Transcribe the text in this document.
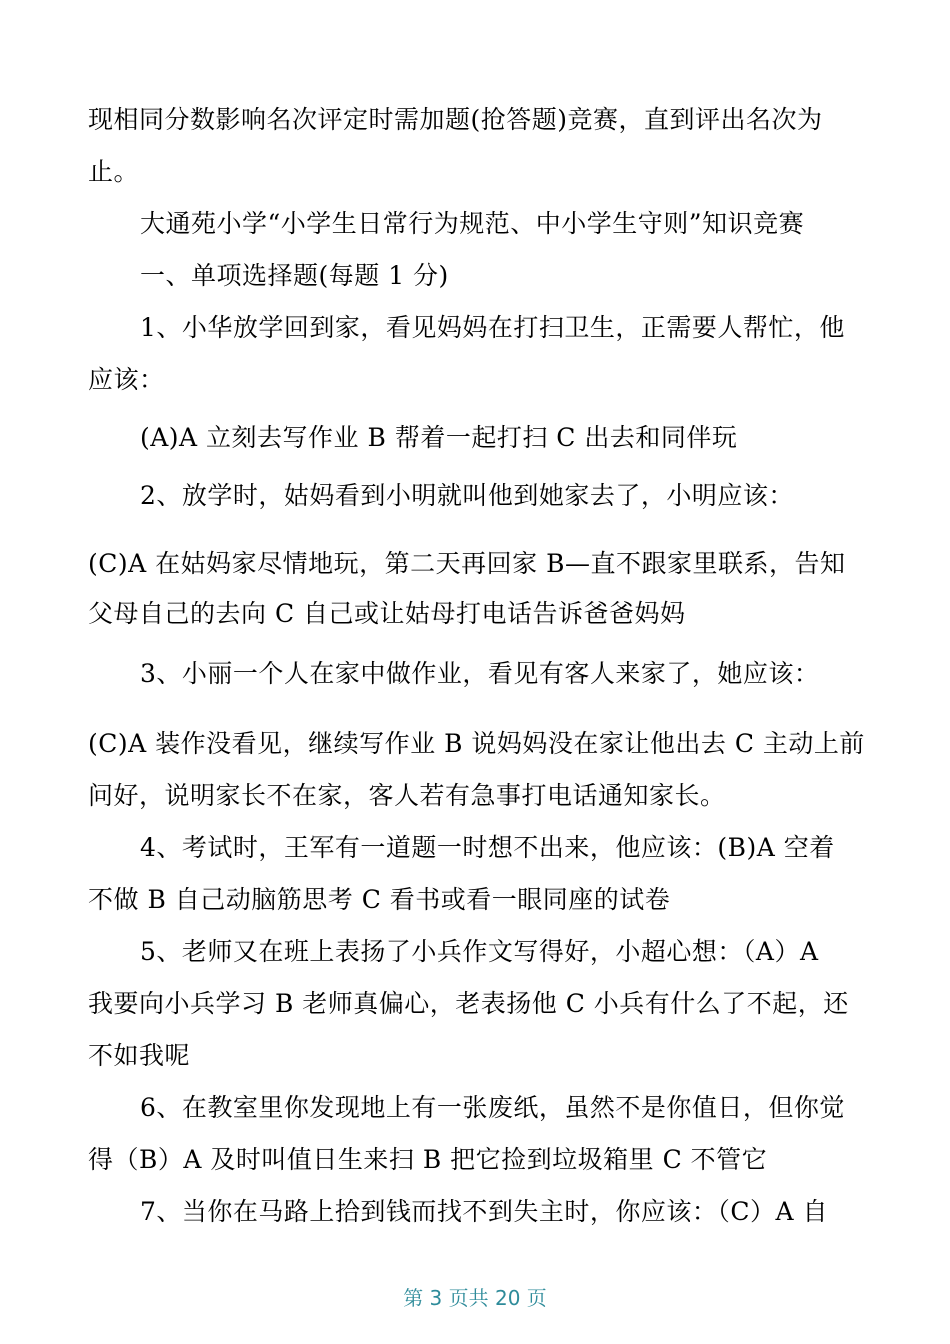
现相同分数影响名次评定时需加题(抢答题)竞赛，直到评出名次为
止。
大通苑小学“小学生日常行为规范、中小学生守则”知识竞赛
一、单项选择题(每题 1 分)
1、小华放学回到家，看见妈妈在打扫卫生，正需要人帮忙，他
应该：
(A)A 立刻去写作业 B 帮着一起打扫 C 出去和同伴玩
2、放学时，姑妈看到小明就叫他到她家去了，小明应该：
(C)A 在姑妈家尽情地玩，第二天再回家 B—直不跟家里联系，告知
父母自己的去向 C 自己或让姑母打电话告诉爸爸妈妈
3、小丽一个人在家中做作业，看见有客人来家了，她应该：
(C)A 装作没看见，继续写作业 B 说妈妈没在家让他出去 C 主动上前
问好，说明家长不在家，客人若有急事打电话通知家长。
4、考试时，王军有一道题一时想不出来，他应该：(B)A 空着
不做 B 自己动脑筋思考 C 看书或看一眼同座的试卷
5、老师又在班上表扬了小兵作文写得好，小超心想：（A）A
我要向小兵学习 B 老师真偏心，老表扬他 C 小兵有什么了不起，还
不如我呢
6、在教室里你发现地上有一张废纸，虽然不是你值日，但你觉
得（B）A 及时叫值日生来扫 B 把它捡到垃圾箱里 C 不管它
7、当你在马路上拾到钱而找不到失主时，你应该：（C）A 自
第 3 页共 20 页
